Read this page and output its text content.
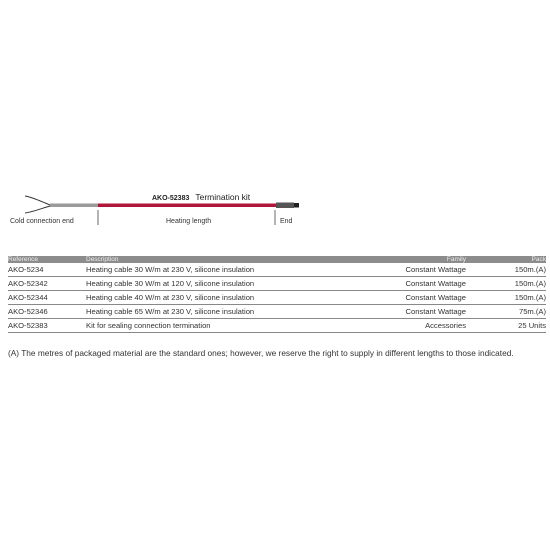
AKO-52383 Termination kit
Cold connection end	Heating length	End
Reference	Description	Family	Pack
AKO-5234	Heating cable 30 W/m at 230 V, silicone insulation	Constant Wattage	150m.(A)
AKO-52342	Heating cable 30 W/m at 120 V, silicone insulation	Constant Wattage	150m.(A)
AKO-52344	Heating cable 40 W/m at 230 V, silicone insulation	Constant Wattage	150m.(A)
AKO-52346	Heating cable 65 W/m at 230 V, silicone insulation	Constant Wattage	75m.(A)
AKO-52383	Kit for sealing connection termination	Accessories	25 Units

(A) The metres of packaged material are the standard ones; however, we reserve the right to supply in different lengths to those indicated.
